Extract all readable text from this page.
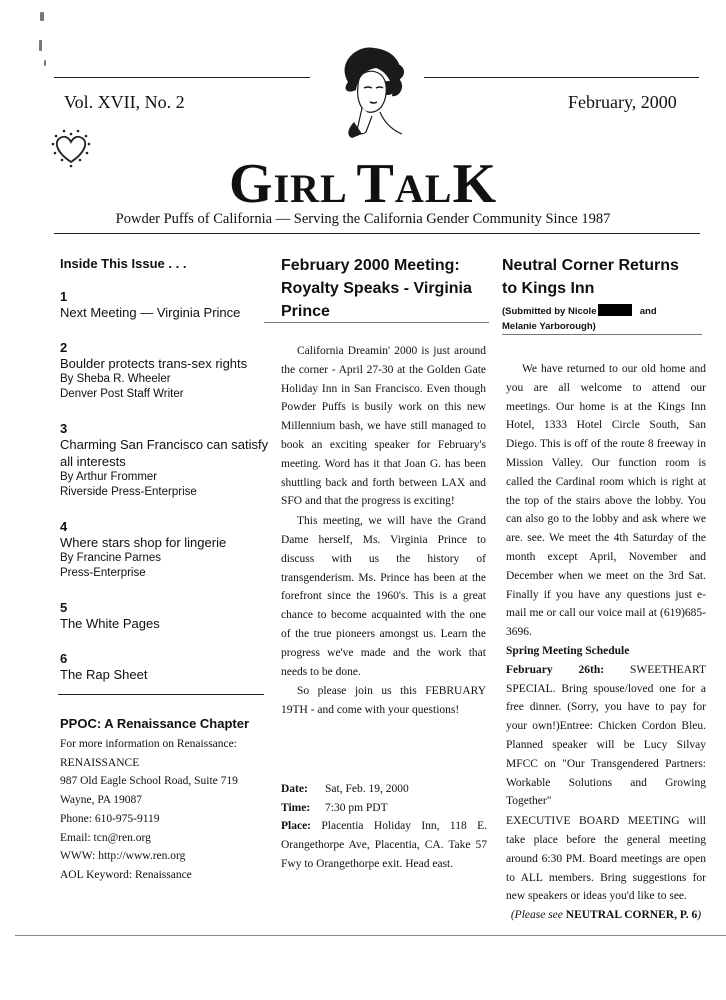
Vol. XVII, No. 2	February, 2000
GIRL TALK
Powder Puffs of California — Serving the California Gender Community Since 1987
Inside This Issue . . .
1
Next Meeting — Virginia Prince
2
Boulder protects trans-sex rights
By Sheba R. Wheeler
Denver Post Staff Writer
3
Charming San Francisco can satisfy all interests
By Arthur Frommer
Riverside Press-Enterprise
4
Where stars shop for lingerie
By Francine Parnes
Press-Enterprise
5
The White Pages
6
The Rap Sheet
PPOC: A Renaissance Chapter
For more information on Renaissance:
RENAISSANCE
987 Old Eagle School Road, Suite 719
Wayne, PA 19087
Phone: 610-975-9119
Email: tcn@ren.org
WWW: http://www.ren.org
AOL Keyword: Renaissance
February 2000 Meeting:
Royalty Speaks - Virginia
Prince

California Dreamin' 2000 is just around the corner - April 27-30 at the Golden Gate Holiday Inn in San Francisco. Even though Powder Puffs is busily work on this new Millennium bash, we have still managed to book an exciting speaker for February's meeting. Word has it that Joan G. has been shuttling back and forth between LAX and SFO and that the progress is exciting!

This meeting, we will have the Grand Dame herself, Ms. Virginia Prince to discuss with us the history of transgenderism. Ms. Prince has been at the forefront since the 1960's. This is a great chance to become acquainted with the one of the true pioneers amongst us. Learn the progress we've made and the work that needs to be done.

So please join us this FEBRUARY 19TH - and come with your questions!

Date: Sat, Feb. 19, 2000
Time: 7:30 pm PDT
Place: Placentia Holiday Inn, 118 E. Orangethorpe Ave, Placentia, CA. Take 57 Fwy to Orangethorpe exit. Head east.
Neutral Corner Returns
to Kings Inn
(Submitted by Nicole	and
Melanie Yarborough)

We have returned to our old home and you are all welcome to attend our meetings. Our home is at the Kings Inn Hotel, 1333 Hotel Circle South, San Diego. This is off of the route 8 freeway in Mission Valley. Our function room is called the Cardinal room which is right at the top of the stairs above the lobby. You can also go to the lobby and ask where we are. see. We meet the 4th Saturday of the month except April, November and December when we meet on the 3rd Sat. Finally if you have any questions just e-mail me or call our voice mail at (619)685-3696.

Spring Meeting Schedule

February 26th: SWEETHEART SPECIAL. Bring spouse/loved one for a free dinner. (Sorry, you have to pay for your own!)Entree: Chicken Cordon Bleu. Planned speaker will be Lucy Silvay MFCC on "Our Transgendered Partners: Workable Solutions and Growing Together"

EXECUTIVE BOARD MEETING will take place before the general meeting around 6:30 PM. Board meetings are open to ALL members. Bring suggestions for new speakers or ideas you'd like to see.

(Please see NEUTRAL CORNER, P. 6)
